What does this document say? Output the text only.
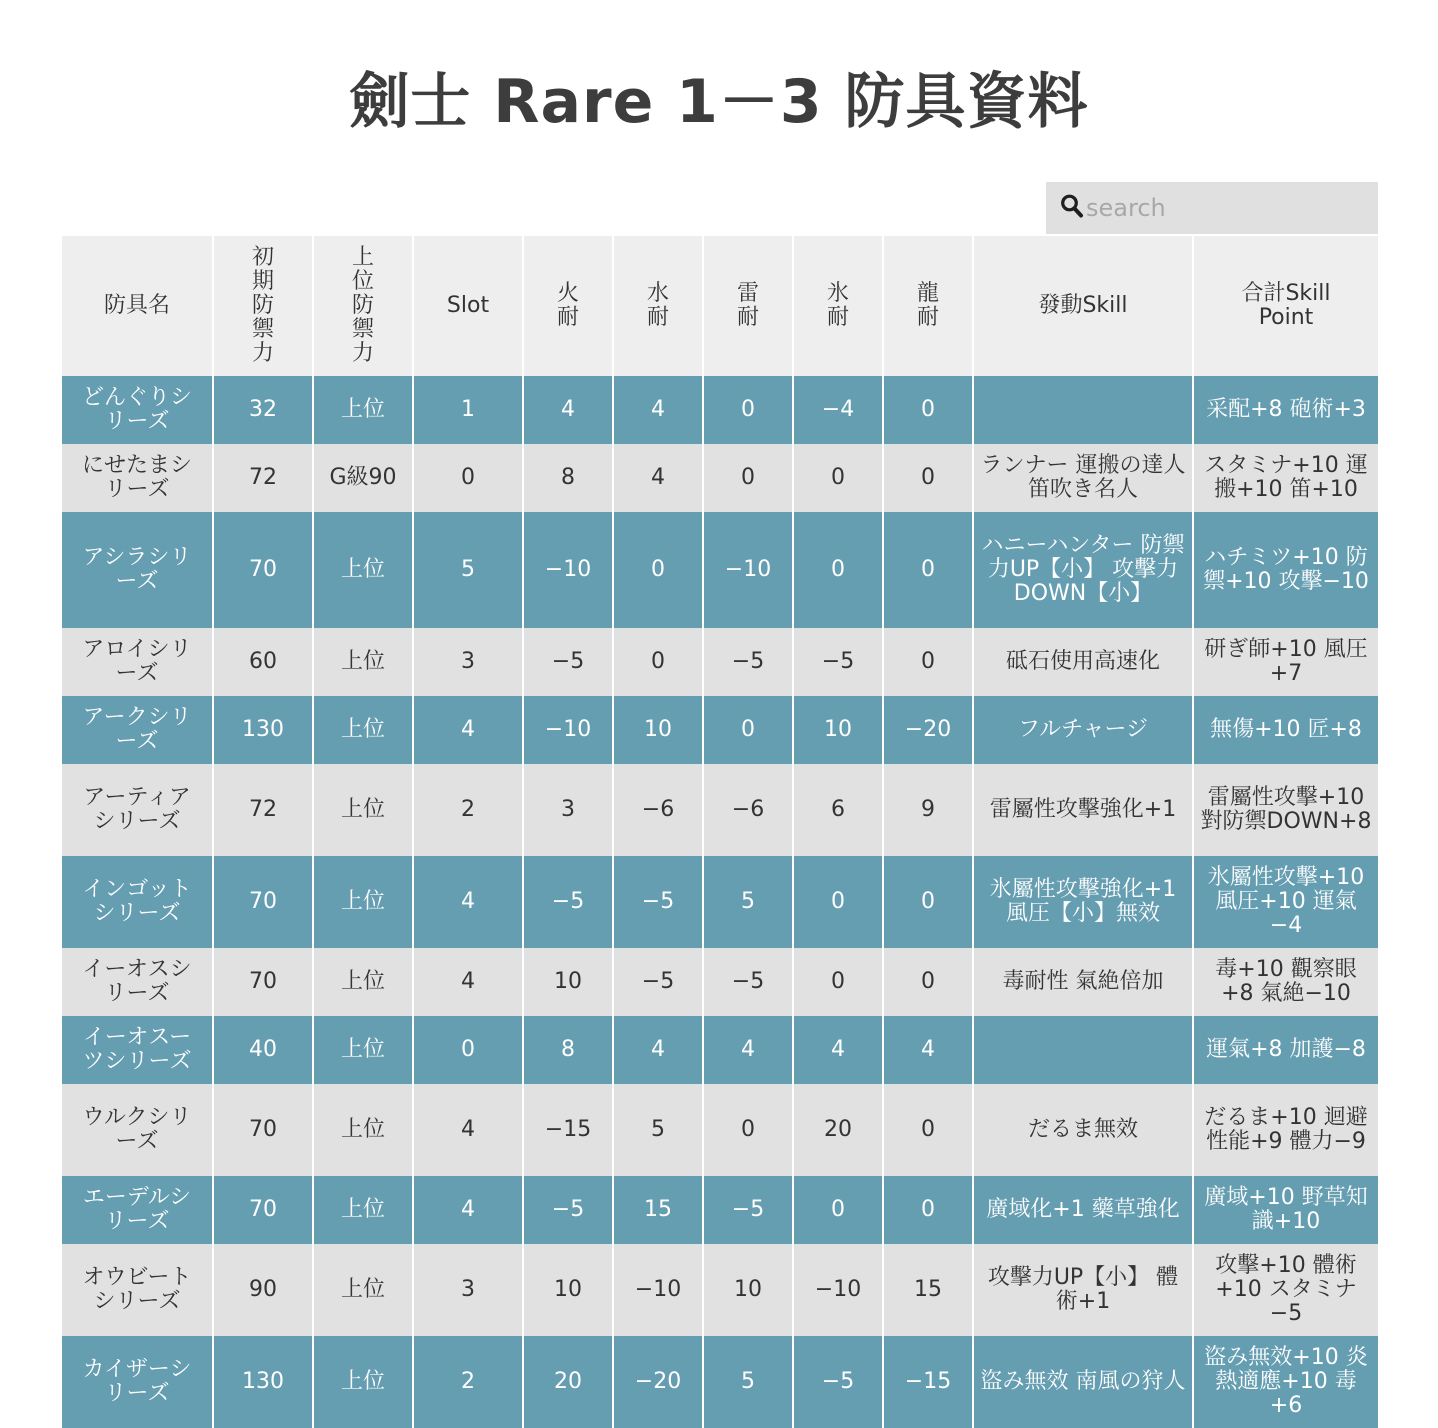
劍士 Rare 1－3 防具資料
search
防具名	初期防禦力	上位防禦力	Slot	火耐	水耐	雷耐	氷耐	龍耐	發動Skill	合計Skill Point
どんぐりシリーズ	32	上位	1	4	4	0	−4	0		采配+8 砲術+3
にせたまシリーズ	72	G級90	0	8	4	0	0	0	ランナー 運搬の達人 笛吹き名人	スタミナ+10 運搬+10 笛+10
アシラシリーズ	70	上位	5	−10	0	−10	0	0	ハニーハンター 防禦力UP【小】 攻擊力DOWN【小】	ハチミツ+10 防禦+10 攻擊−10
アロイシリーズ	60	上位	3	−5	0	−5	−5	0	砥石使用高速化	研ぎ師+10 風圧+7
アークシリーズ	130	上位	4	−10	10	0	10	−20	フルチャージ	無傷+10 匠+8
アーティアシリーズ	72	上位	2	3	−6	−6	6	9	雷屬性攻擊強化+1	雷屬性攻擊+10 對防禦DOWN+8
インゴットシリーズ	70	上位	4	−5	−5	5	0	0	氷屬性攻擊強化+1 風圧【小】無效	氷屬性攻擊+10 風圧+10 運氣−4
イーオスシリーズ	70	上位	4	10	−5	−5	0	0	毒耐性 氣絶倍加	毒+10 觀察眼+8 氣絶−10
イーオスーツシリーズ	40	上位	0	8	4	4	4	4		運氣+8 加護−8
ウルクシリーズ	70	上位	4	−15	5	0	20	0	だるま無效	だるま+10 迴避性能+9 體力−9
エーデルシリーズ	70	上位	4	−5	15	−5	0	0	廣域化+1 藥草強化	廣域+10 野草知識+10
オウビートシリーズ	90	上位	3	10	−10	10	−10	15	攻擊力UP【小】 體術+1	攻擊+10 體術+10 スタミナ−5
カイザーシリーズ	130	上位	2	20	−20	5	−5	−15	盜み無效 南風の狩人	盜み無效+10 炎熱適應+10 毒+6
